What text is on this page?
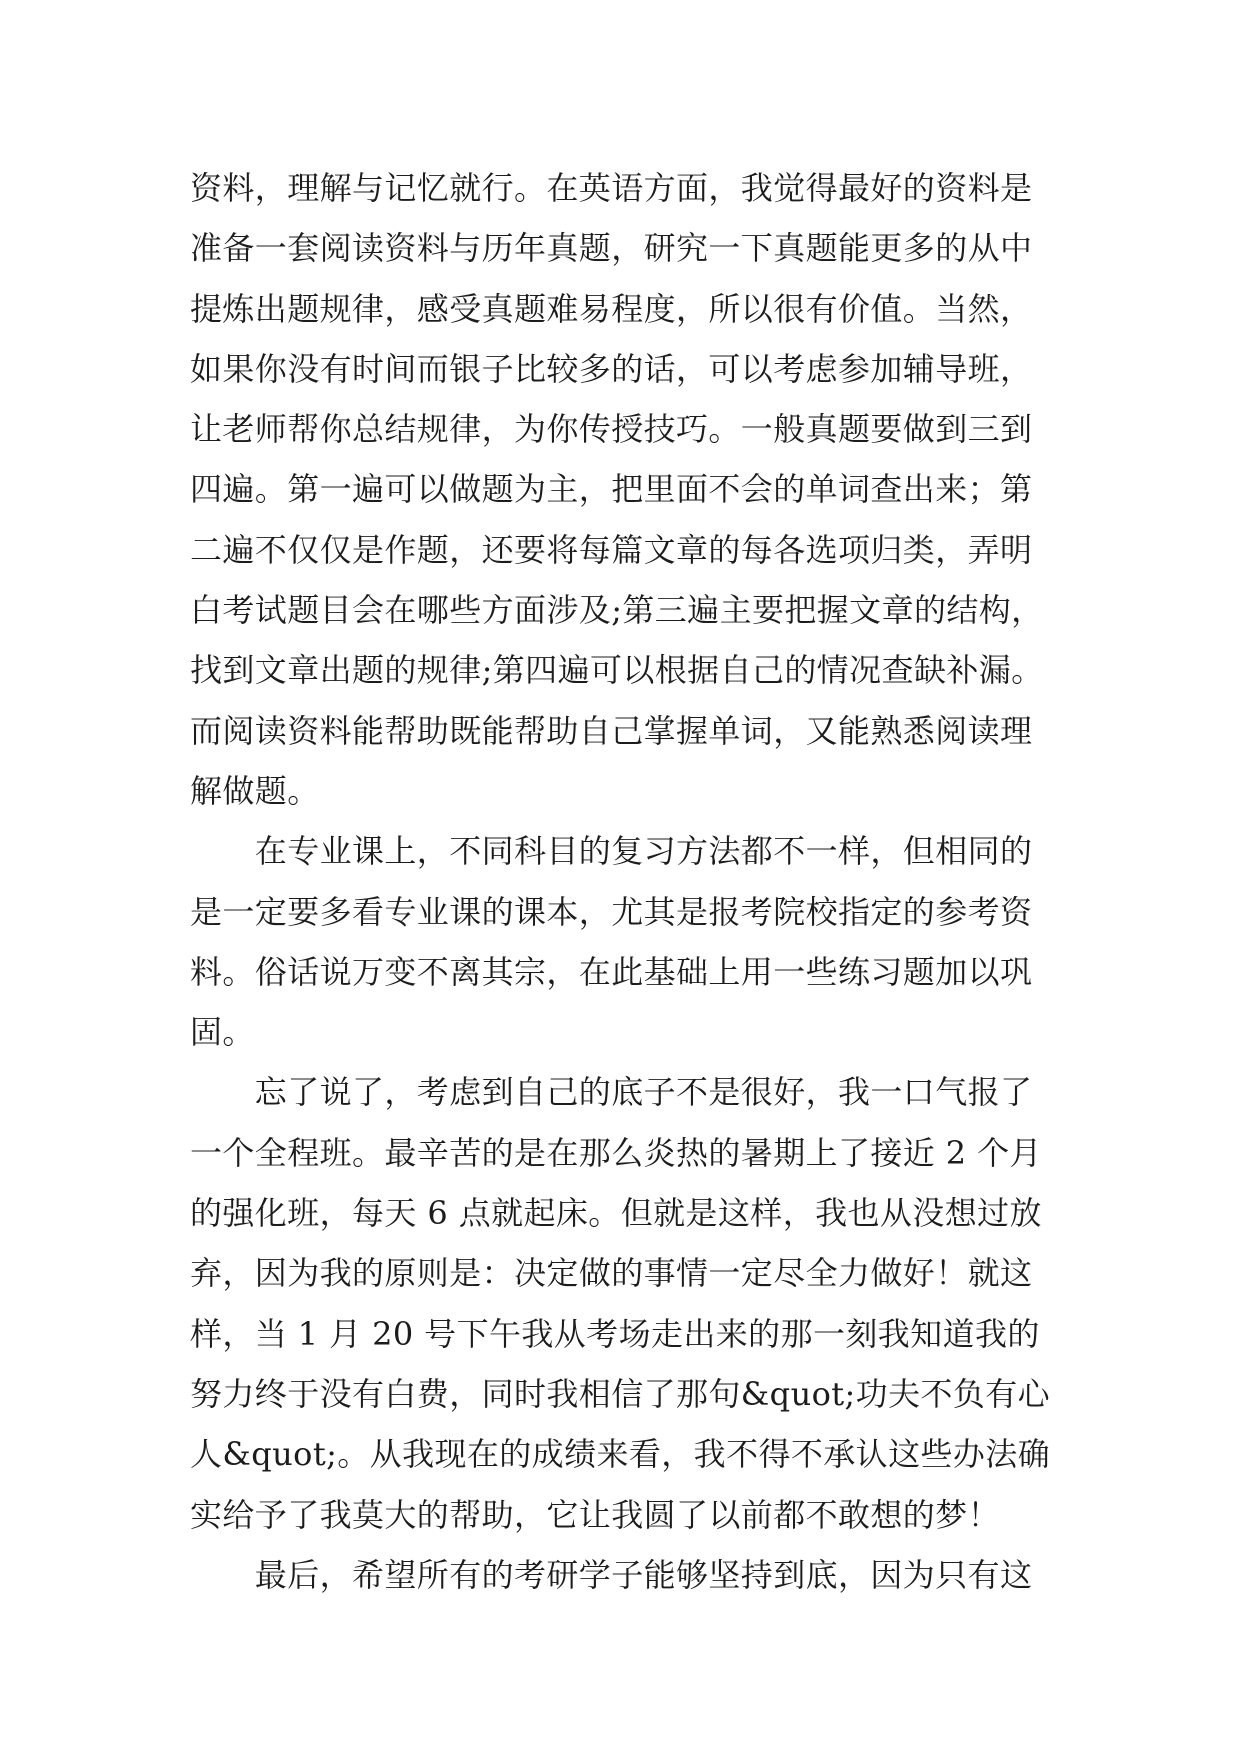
资料，理解与记忆就行。在英语方面，我觉得最好的资料是
准备一套阅读资料与历年真题，研究一下真题能更多的从中
提炼出题规律，感受真题难易程度，所以很有价值。当然，
如果你没有时间而银子比较多的话，可以考虑参加辅导班，
让老师帮你总结规律，为你传授技巧。一般真题要做到三到
四遍。第一遍可以做题为主，把里面不会的单词查出来；第
二遍不仅仅是作题，还要将每篇文章的每各选项归类，弄明
白考试题目会在哪些方面涉及;第三遍主要把握文章的结构，
找到文章出题的规律;第四遍可以根据自己的情况查缺补漏。
而阅读资料能帮助既能帮助自己掌握单词，又能熟悉阅读理
解做题。
　　在专业课上，不同科目的复习方法都不一样，但相同的
是一定要多看专业课的课本，尤其是报考院校指定的参考资
料。俗话说万变不离其宗，在此基础上用一些练习题加以巩
固。
　　忘了说了，考虑到自己的底子不是很好，我一口气报了
一个全程班。最辛苦的是在那么炎热的暑期上了接近 2 个月
的强化班，每天 6 点就起床。但就是这样，我也从没想过放
弃，因为我的原则是：决定做的事情一定尽全力做好！就这
样，当 1 月 20 号下午我从考场走出来的那一刻我知道我的
努力终于没有白费，同时我相信了那句&quot;功夫不负有心
人&quot;。从我现在的成绩来看，我不得不承认这些办法确
实给予了我莫大的帮助，它让我圆了以前都不敢想的梦！
　　最后，希望所有的考研学子能够坚持到底，因为只有这
